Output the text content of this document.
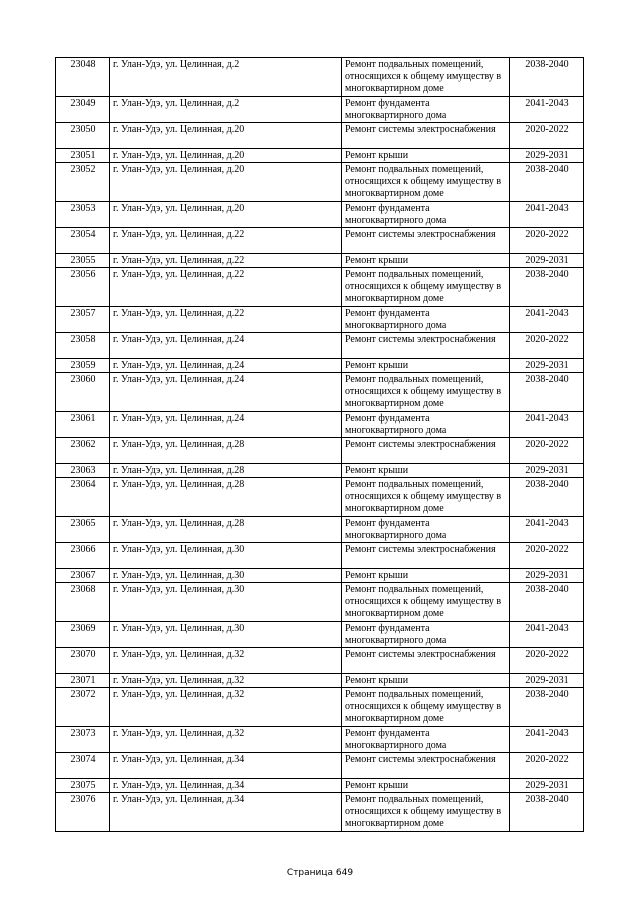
23048	г. Улан-Удэ, ул. Целинная, д.2	Ремонт подвальных помещений, относящихся к общему имуществу в многоквартирном доме	2038-2040
23049	г. Улан-Удэ, ул. Целинная, д.2	Ремонт фундамента многоквартирного дома	2041-2043
23050	г. Улан-Удэ, ул. Целинная, д.20	Ремонт системы электроснабжения	2020-2022
23051	г. Улан-Удэ, ул. Целинная, д.20	Ремонт крыши	2029-2031
23052	г. Улан-Удэ, ул. Целинная, д.20	Ремонт подвальных помещений, относящихся к общему имуществу в многоквартирном доме	2038-2040
23053	г. Улан-Удэ, ул. Целинная, д.20	Ремонт фундамента многоквартирного дома	2041-2043
23054	г. Улан-Удэ, ул. Целинная, д.22	Ремонт системы электроснабжения	2020-2022
23055	г. Улан-Удэ, ул. Целинная, д.22	Ремонт крыши	2029-2031
23056	г. Улан-Удэ, ул. Целинная, д.22	Ремонт подвальных помещений, относящихся к общему имуществу в многоквартирном доме	2038-2040
23057	г. Улан-Удэ, ул. Целинная, д.22	Ремонт фундамента многоквартирного дома	2041-2043
23058	г. Улан-Удэ, ул. Целинная, д.24	Ремонт системы электроснабжения	2020-2022
23059	г. Улан-Удэ, ул. Целинная, д.24	Ремонт крыши	2029-2031
23060	г. Улан-Удэ, ул. Целинная, д.24	Ремонт подвальных помещений, относящихся к общему имуществу в многоквартирном доме	2038-2040
23061	г. Улан-Удэ, ул. Целинная, д.24	Ремонт фундамента многоквартирного дома	2041-2043
23062	г. Улан-Удэ, ул. Целинная, д.28	Ремонт системы электроснабжения	2020-2022
23063	г. Улан-Удэ, ул. Целинная, д.28	Ремонт крыши	2029-2031
23064	г. Улан-Удэ, ул. Целинная, д.28	Ремонт подвальных помещений, относящихся к общему имуществу в многоквартирном доме	2038-2040
23065	г. Улан-Удэ, ул. Целинная, д.28	Ремонт фундамента многоквартирного дома	2041-2043
23066	г. Улан-Удэ, ул. Целинная, д.30	Ремонт системы электроснабжения	2020-2022
23067	г. Улан-Удэ, ул. Целинная, д.30	Ремонт крыши	2029-2031
23068	г. Улан-Удэ, ул. Целинная, д.30	Ремонт подвальных помещений, относящихся к общему имуществу в многоквартирном доме	2038-2040
23069	г. Улан-Удэ, ул. Целинная, д.30	Ремонт фундамента многоквартирного дома	2041-2043
23070	г. Улан-Удэ, ул. Целинная, д.32	Ремонт системы электроснабжения	2020-2022
23071	г. Улан-Удэ, ул. Целинная, д.32	Ремонт крыши	2029-2031
23072	г. Улан-Удэ, ул. Целинная, д.32	Ремонт подвальных помещений, относящихся к общему имуществу в многоквартирном доме	2038-2040
23073	г. Улан-Удэ, ул. Целинная, д.32	Ремонт фундамента многоквартирного дома	2041-2043
23074	г. Улан-Удэ, ул. Целинная, д.34	Ремонт системы электроснабжения	2020-2022
23075	г. Улан-Удэ, ул. Целинная, д.34	Ремонт крыши	2029-2031
23076	г. Улан-Удэ, ул. Целинная, д.34	Ремонт подвальных помещений, относящихся к общему имуществу в многоквартирном доме	2038-2040
Страница 649
